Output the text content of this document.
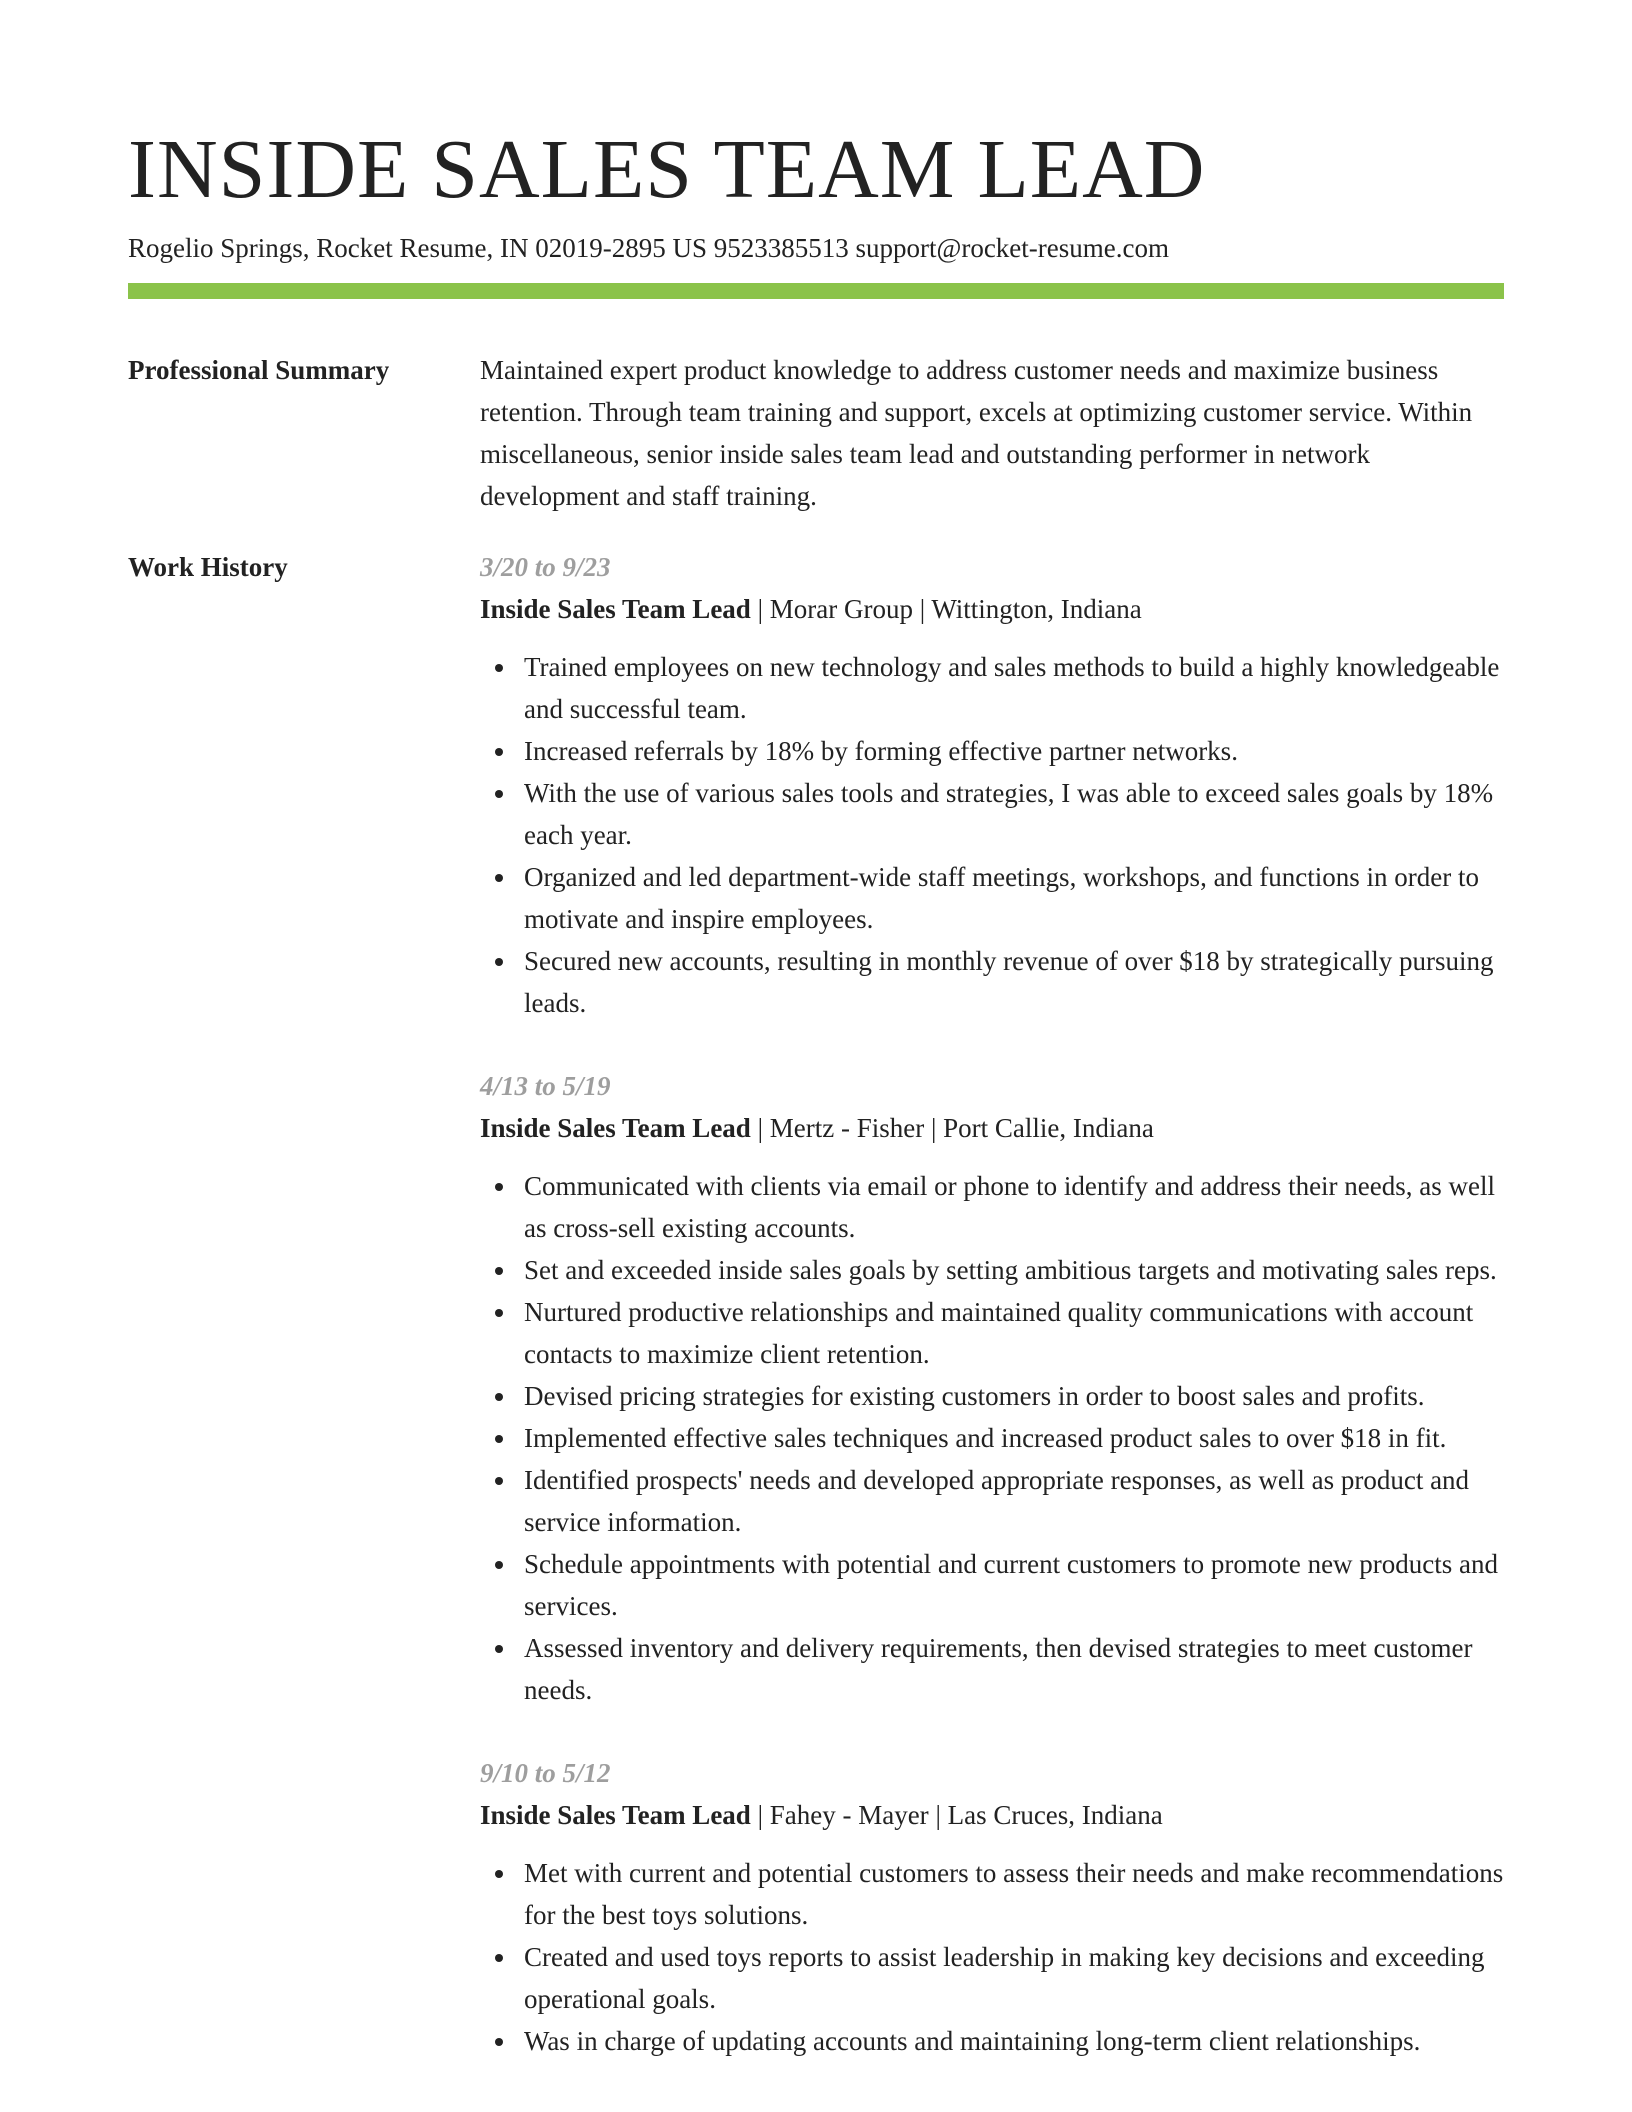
INSIDE SALES TEAM LEAD
Rogelio Springs, Rocket Resume, IN 02019-2895 US 9523385513 support@rocket-resume.com
Professional Summary	Maintained expert product knowledge to address customer needs and maximize business retention. Through team training and support, excels at optimizing customer service. Within miscellaneous, senior inside sales team lead and outstanding performer in network development and staff training.

Work History	3/20 to 9/23
Inside Sales Team Lead | Morar Group | Wittington, Indiana
Trained employees on new technology and sales methods to build a highly knowledgeable and successful team.
Increased referrals by 18% by forming effective partner networks.
With the use of various sales tools and strategies, I was able to exceed sales goals by 18% each year.
Organized and led department-wide staff meetings, workshops, and functions in order to motivate and inspire employees.
Secured new accounts, resulting in monthly revenue of over $18 by strategically pursuing leads.
4/13 to 5/19
Inside Sales Team Lead | Mertz - Fisher | Port Callie, Indiana
Communicated with clients via email or phone to identify and address their needs, as well as cross-sell existing accounts.
Set and exceeded inside sales goals by setting ambitious targets and motivating sales reps.
Nurtured productive relationships and maintained quality communications with account contacts to maximize client retention.
Devised pricing strategies for existing customers in order to boost sales and profits.
Implemented effective sales techniques and increased product sales to over $18 in fit.
Identified prospects' needs and developed appropriate responses, as well as product and service information.
Schedule appointments with potential and current customers to promote new products and services.
Assessed inventory and delivery requirements, then devised strategies to meet customer needs.
9/10 to 5/12
Inside Sales Team Lead | Fahey - Mayer | Las Cruces, Indiana
Met with current and potential customers to assess their needs and make recommendations for the best toys solutions.
Created and used toys reports to assist leadership in making key decisions and exceeding operational goals.
Was in charge of updating accounts and maintaining long-term client relationships.
